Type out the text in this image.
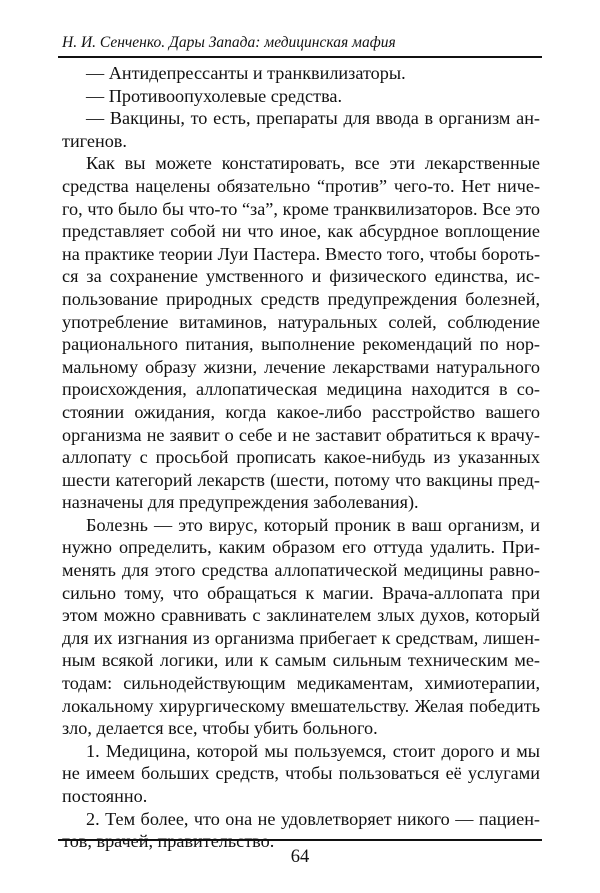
Н. И. Сенченко. Дары Запада: медицинская мафия
— Антидепрессанты и транквилизаторы.
— Противоопухолевые средства.
— Вакцины, то есть, препараты для ввода в организм ан-
тигенов.
Как вы можете констатировать, все эти лекарственные
средства нацелены обязательно “против” чего-то. Нет ниче-
го, что было бы что-то “за”, кроме транквилизаторов. Все это
представляет собой ни что иное, как абсурдное воплощение
на практике теории Луи Пастера. Вместо того, чтобы бороть-
ся за сохранение умственного и физического единства, ис-
пользование природных средств предупреждения болезней,
употребление витаминов, натуральных солей, соблюдение
рационального питания, выполнение рекомендаций по нор-
мальному образу жизни, лечение лекарствами натурального
происхождения, аллопатическая медицина находится в со-
стоянии ожидания, когда какое-либо расстройство вашего
организма не заявит о себе и не заставит обратиться к врачу-
аллопату с просьбой прописать какое-нибудь из указанных
шести категорий лекарств (шести, потому что вакцины пред-
назначены для предупреждения заболевания).
Болезнь — это вирус, который проник в ваш организм, и
нужно определить, каким образом его оттуда удалить. При-
менять для этого средства аллопатической медицины равно-
сильно тому, что обращаться к магии. Врача-аллопата при
этом можно сравнивать с заклинателем злых духов, который
для их изгнания из организма прибегает к средствам, лишен-
ным всякой логики, или к самым сильным техническим ме-
тодам: сильнодействующим медикаментам, химиотерапии,
локальному хирургическому вмешательству. Желая победить
зло, делается все, чтобы убить больного.
1. Медицина, которой мы пользуемся, стоит дорого и мы
не имеем больших средств, чтобы пользоваться её услугами
постоянно.
2. Тем более, что она не удовлетворяет никого — пациен-
тов, врачей, правительство.
64
